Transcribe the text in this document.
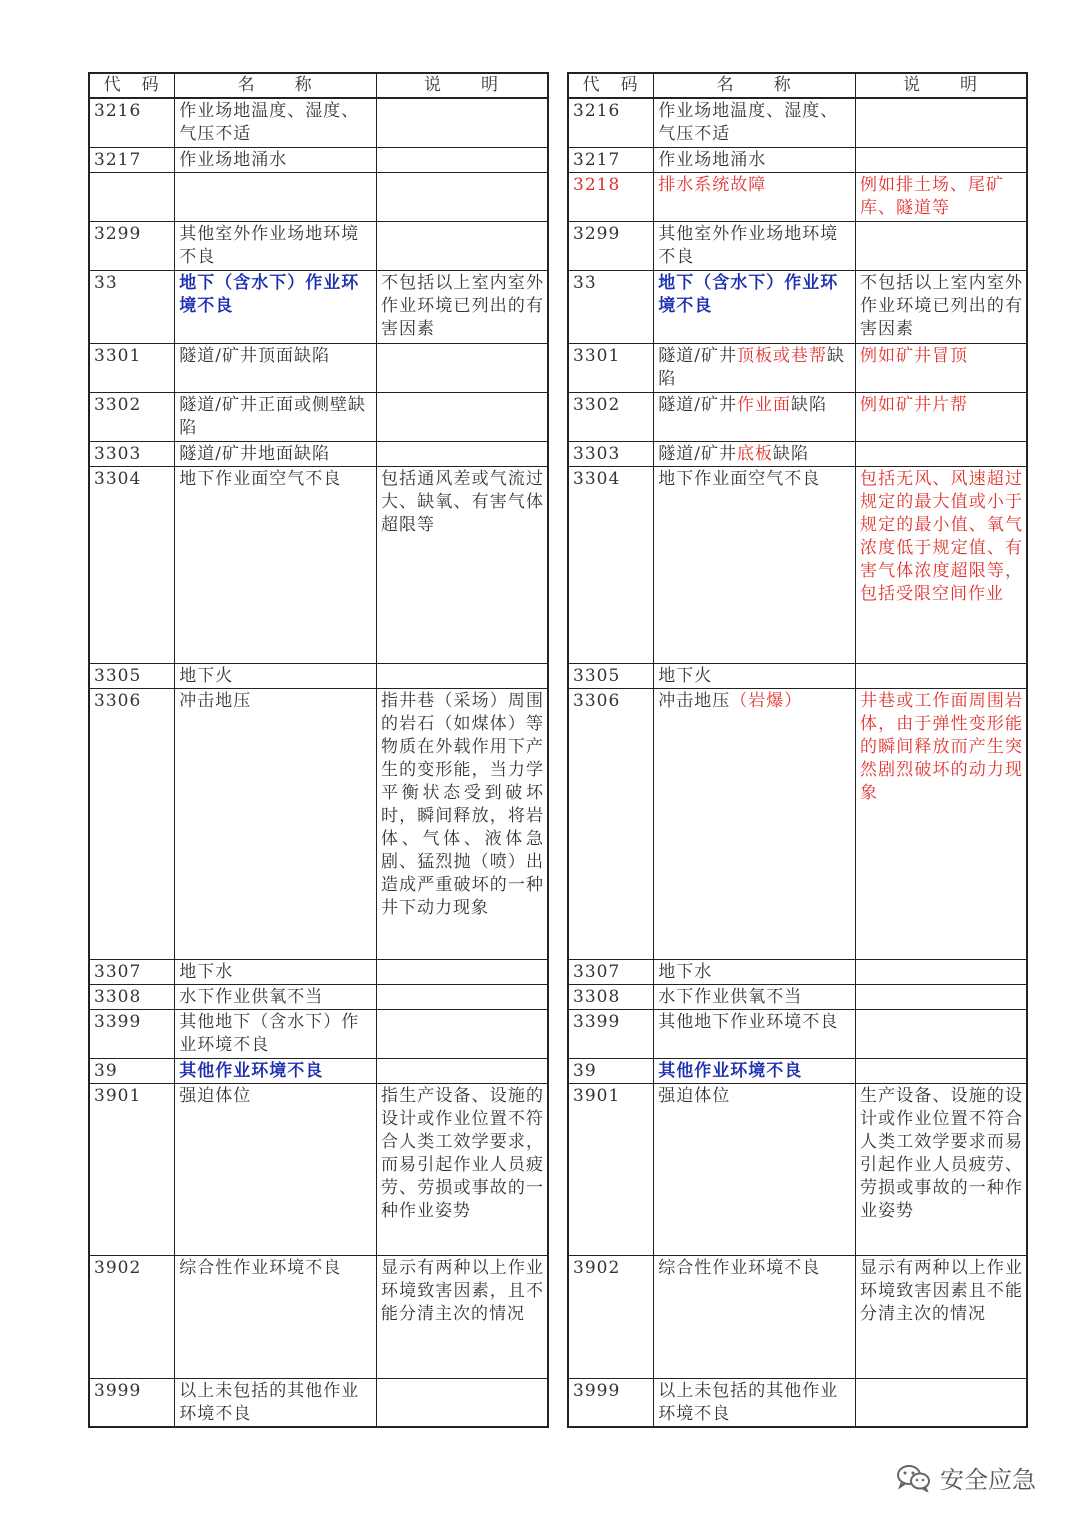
代　码	名　　称	说　　明
3216	作业场地温度、湿度、气压不适	
3217	作业场地涌水	

3299	其他室外作业场地环境不良	
33	地下（含水下）作业环境不良	不包括以上室内室外作业环境已列出的有害因素
3301	隧道/矿井顶面缺陷	
3302	隧道/矿井正面或侧壁缺陷	
3303	隧道/矿井地面缺陷	
3304	地下作业面空气不良	包括通风差或气流过大、缺氧、有害气体超限等
3305	地下火	
3306	冲击地压	指井巷（采场）周围的岩石（如煤体）等物质在外载作用下产生的变形能，当力学平衡状态受到破坏时，瞬间释放，将岩体、气体、液体急剧、猛烈抛（喷）出造成严重破坏的一种井下动力现象
3307	地下水	
3308	水下作业供氧不当	
3399	其他地下（含水下）作业环境不良	
39	其他作业环境不良	
3901	强迫体位	指生产设备、设施的设计或作业位置不符合人类工效学要求，而易引起作业人员疲劳、劳损或事故的一种作业姿势
3902	综合性作业环境不良	显示有两种以上作业环境致害因素，且不能分清主次的情况
3999	以上未包括的其他作业环境不良	
代　码	名　　称	说　　明
3216	作业场地温度、湿度、气压不适	
3217	作业场地涌水	
3218	排水系统故障	例如排土场、尾矿库、隧道等
3299	其他室外作业场地环境不良	
33	地下（含水下）作业环境不良	不包括以上室内室外作业环境已列出的有害因素
3301	隧道/矿井顶板或巷帮缺陷	例如矿井冒顶
3302	隧道/矿井作业面缺陷	例如矿井片帮
3303	隧道/矿井底板缺陷	
3304	地下作业面空气不良	包括无风、风速超过规定的最大值或小于规定的最小值、氧气浓度低于规定值、有害气体浓度超限等，包括受限空间作业
3305	地下火	
3306	冲击地压（岩爆）	井巷或工作面周围岩体，由于弹性变形能的瞬间释放而产生突然剧烈破坏的动力现象
3307	地下水	
3308	水下作业供氧不当	
3399	其他地下作业环境不良	
39	其他作业环境不良	
3901	强迫体位	生产设备、设施的设计或作业位置不符合人类工效学要求而易引起作业人员疲劳、劳损或事故的一种作业姿势
3902	综合性作业环境不良	显示有两种以上作业环境致害因素且不能分清主次的情况
3999	以上未包括的其他作业环境不良	
安全应急
